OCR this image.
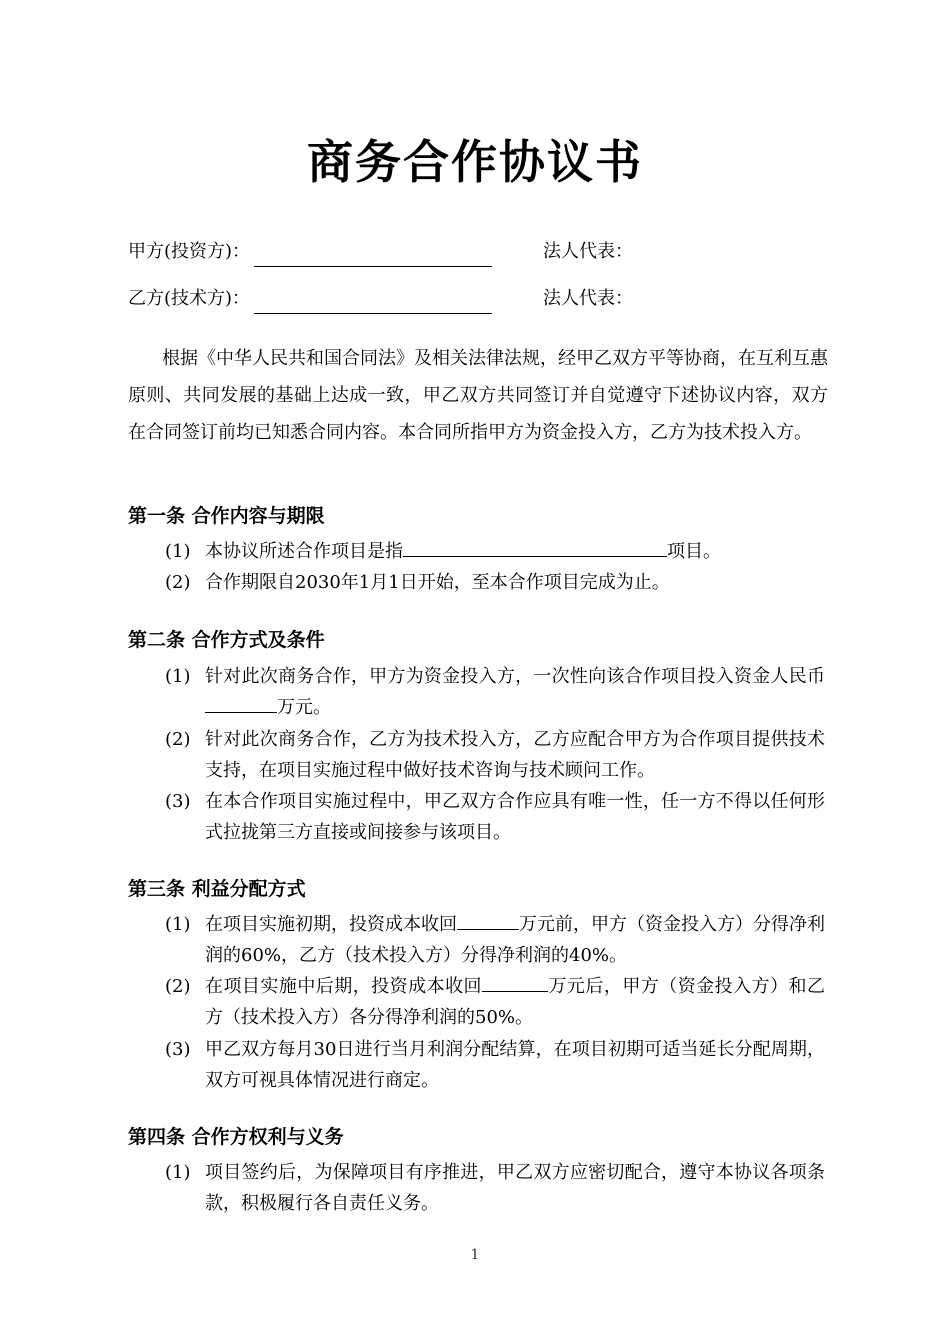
商务合作协议书
甲方(投资方)：	法人代表：
乙方(技术方)：	法人代表：
根据《中华人民共和国合同法》及相关法律法规，经甲乙双方平等协商，在互利互惠原则、共同发展的基础上达成一致，甲乙双方共同签订并自觉遵守下述协议内容，双方在合同签订前均已知悉合同内容。本合同所指甲方为资金投入方，乙方为技术投入方。
第一条 合作内容与期限
(1) 本协议所述合作项目是指	项目。
(2) 合作期限自2030年1月1日开始，至本合作项目完成为止。
第二条 合作方式及条件
(1) 针对此次商务合作，甲方为资金投入方，一次性向该合作项目投入资金人民币万元。
(2) 针对此次商务合作，乙方为技术投入方，乙方应配合甲方为合作项目提供技术支持，在项目实施过程中做好技术咨询与技术顾问工作。
(3) 在本合作项目实施过程中，甲乙双方合作应具有唯一性，任一方不得以任何形式拉拢第三方直接或间接参与该项目。
第三条 利益分配方式
(1) 在项目实施初期，投资成本收回	万元前，甲方（资金投入方）分得净利润的60%，乙方（技术投入方）分得净利润的40%。
(2) 在项目实施中后期，投资成本收回	万元后，甲方（资金投入方）和乙方（技术投入方）各分得净利润的50%。
(3) 甲乙双方每月30日进行当月利润分配结算，在项目初期可适当延长分配周期，双方可视具体情况进行商定。
第四条 合作方权利与义务
(1) 项目签约后，为保障项目有序推进，甲乙双方应密切配合，遵守本协议各项条款，积极履行各自责任义务。
1
